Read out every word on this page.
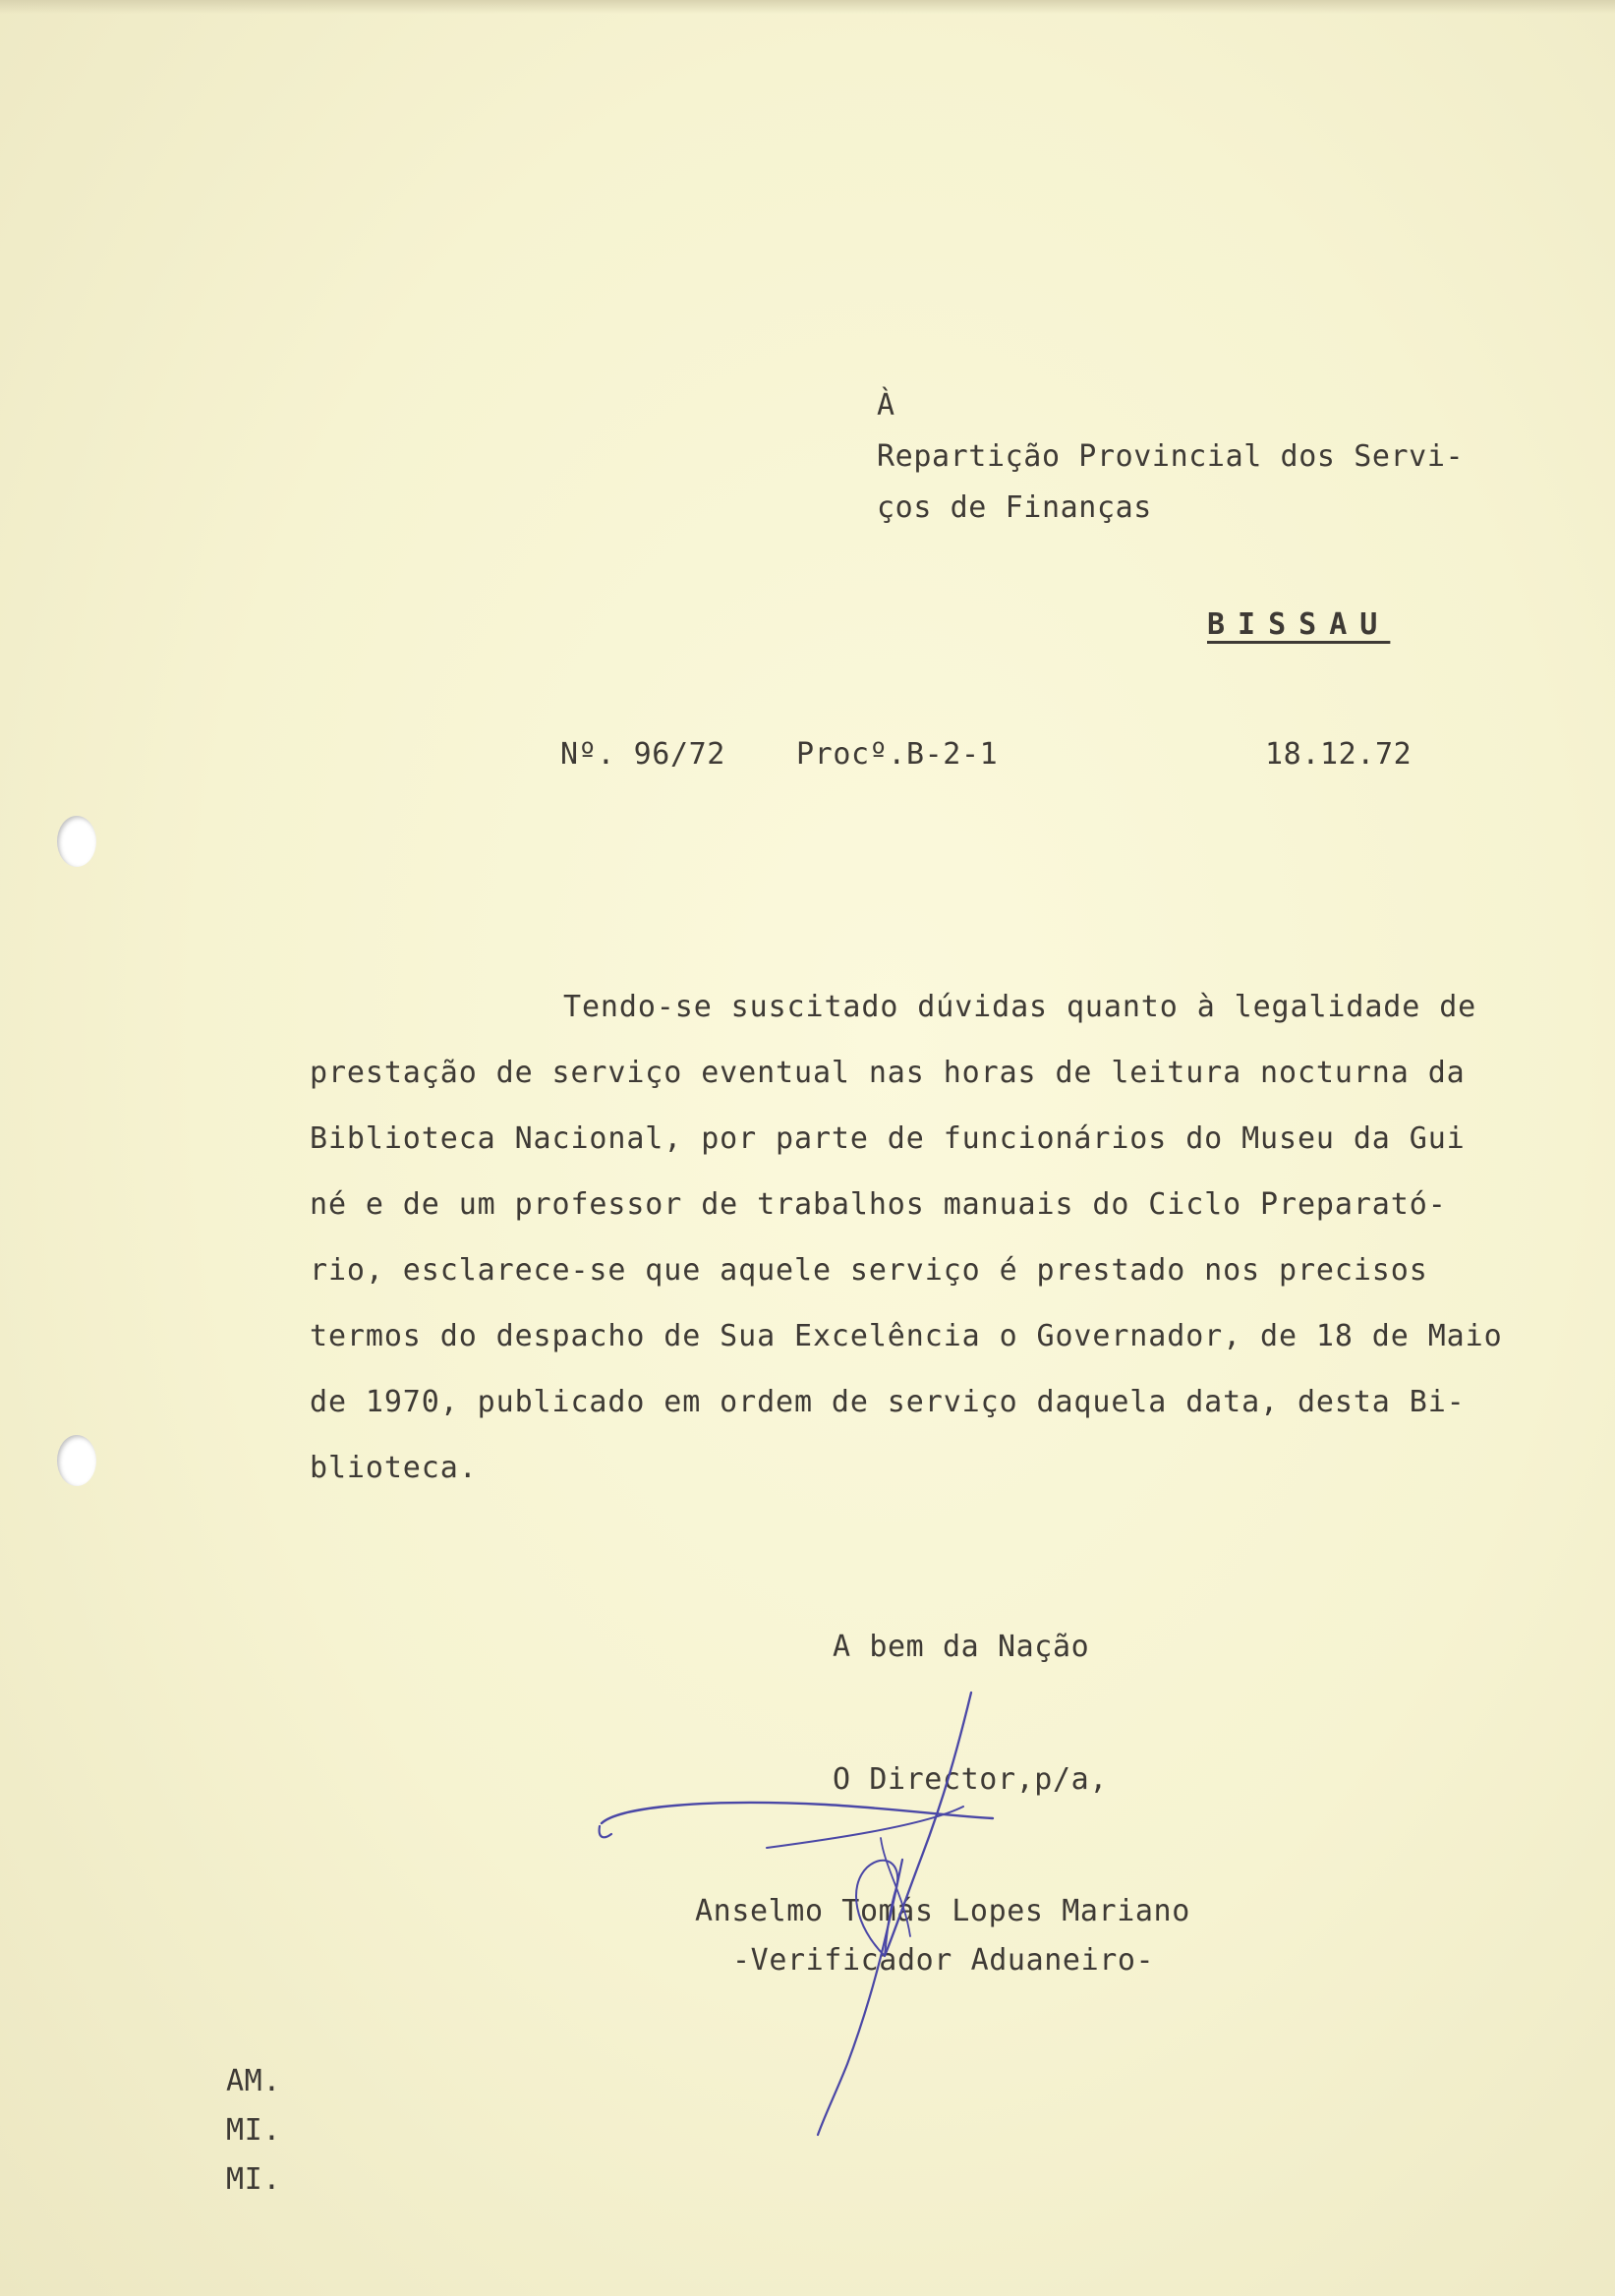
À

Repartição Provincial dos Servi-

ços de Finanças

BISSAU

Nº. 96/72 Procº.B-2-1	18.12.72

Tendo-se suscitado dúvidas quanto à legalidade de

prestação de serviço eventual nas horas de leitura nocturna da

Biblioteca Nacional, por parte de funcionários do Museu da Gui

né e de um professor de trabalhos manuais do Ciclo Preparató-

rio, esclarece-se que aquele serviço é prestado nos precisos

termos do despacho de Sua Excelência o Governador, de 18 de Maio

de 1970, publicado em ordem de serviço daquela data, desta Bi-

blioteca.

A bem da Nação

O Director,p/a,

Anselmo Tomás Lopes Mariano

-Verificador Aduaneiro-

AM.

MI.

MI.
